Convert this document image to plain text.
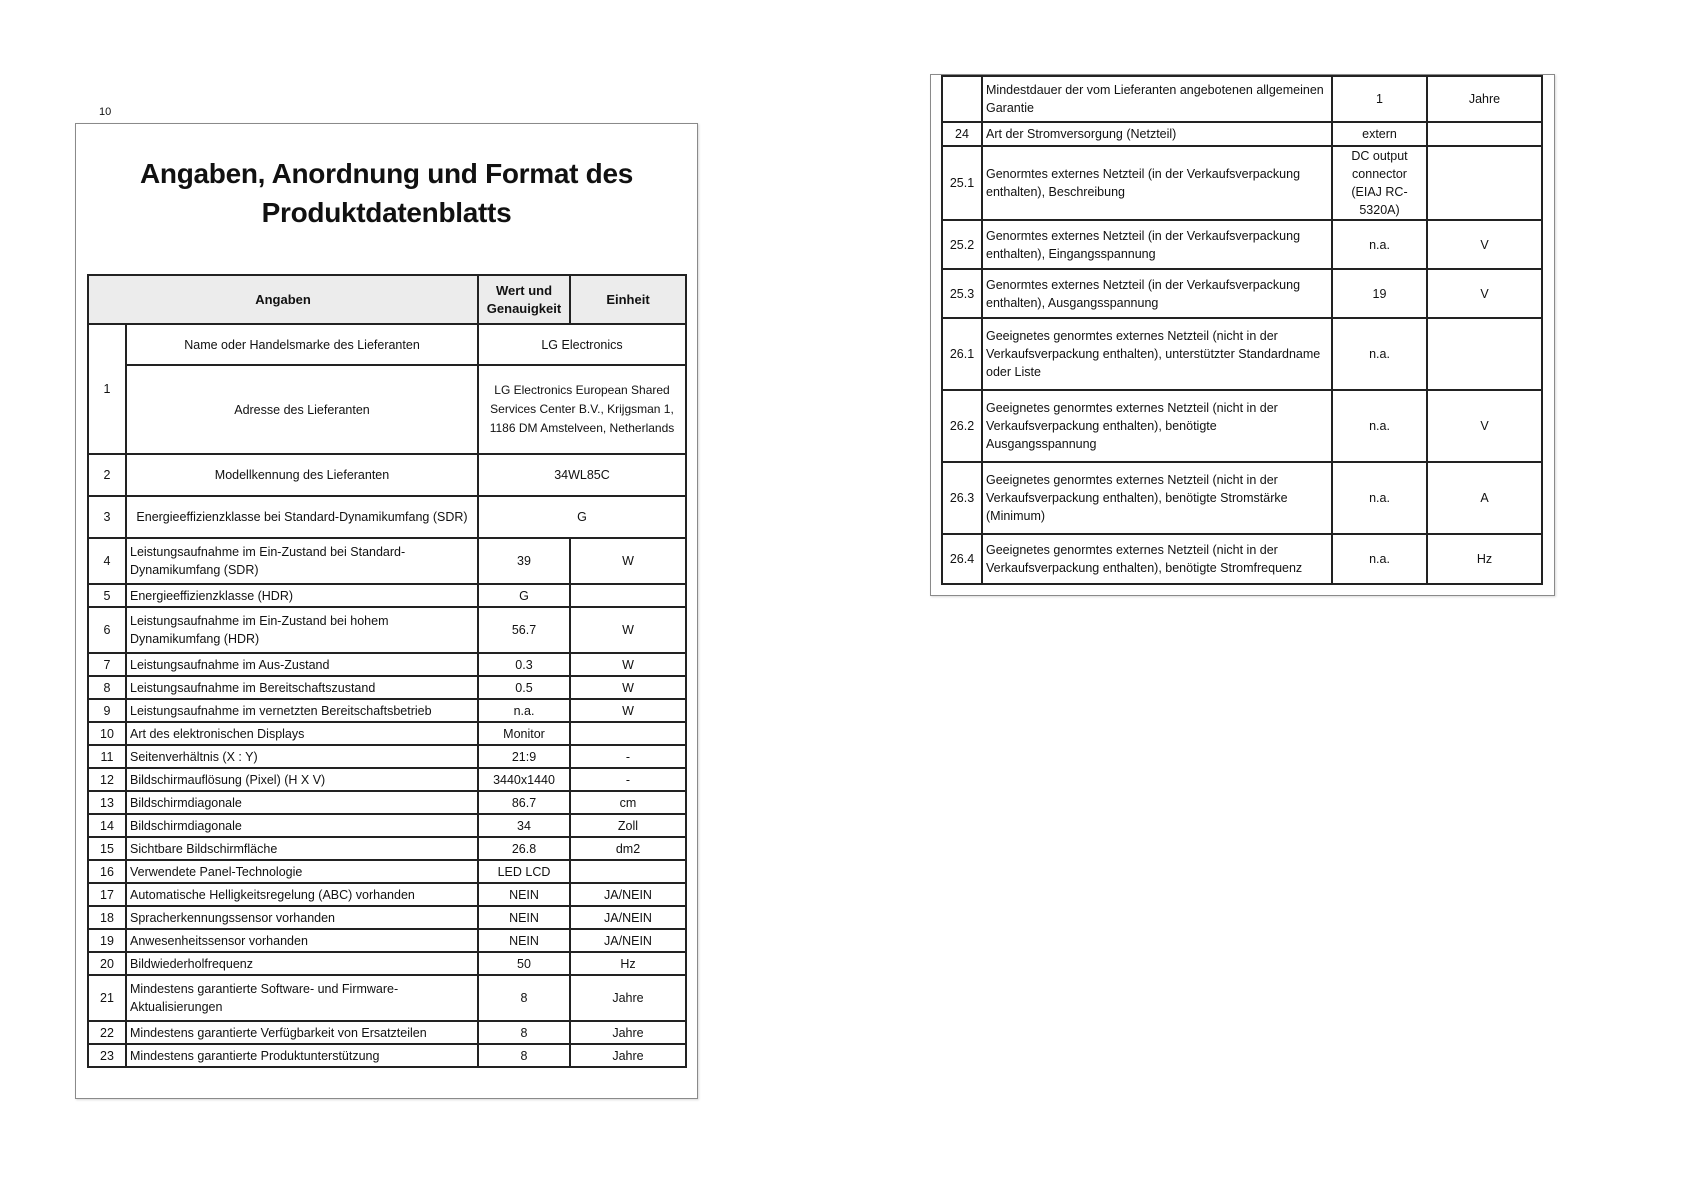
10
Angaben, Anordnung und Format des
Produktdatenblatts
Angaben		Wert und Genauigkeit	Einheit
1	Name oder Handelsmarke des Lieferanten	LG Electronics	
	Adresse des Lieferanten	LG Electronics European Shared Services Center B.V., Krijgsman 1, 1186 DM Amstelveen, Netherlands	
2	Modellkennung des Lieferanten	34WL85C	
3	Energieeffizienzklasse bei Standard-Dynamikumfang (SDR)	G	
4	Leistungsaufnahme im Ein-Zustand bei Standard-Dynamikumfang (SDR)	39	W
5	Energieeffizienzklasse (HDR)	G	
6	Leistungsaufnahme im Ein-Zustand bei hohem Dynamikumfang (HDR)	56.7	W
7	Leistungsaufnahme im Aus-Zustand	0.3	W
8	Leistungsaufnahme im Bereitschaftszustand	0.5	W
9	Leistungsaufnahme im vernetzten Bereitschaftsbetrieb	n.a.	W
10	Art des elektronischen Displays	Monitor	
11	Seitenverhältnis (X : Y)	21:9	-
12	Bildschirmauflösung (Pixel) (H X V)	3440x1440	-
13	Bildschirmdiagonale	86.7	cm
14	Bildschirmdiagonale	34	Zoll
15	Sichtbare Bildschirmfläche	26.8	dm2
16	Verwendete Panel-Technologie	LED LCD	
17	Automatische Helligkeitsregelung (ABC) vorhanden	NEIN	JA/NEIN
18	Spracherkennungssensor vorhanden	NEIN	JA/NEIN
19	Anwesenheitssensor vorhanden	NEIN	JA/NEIN
20	Bildwiederholfrequenz	50	Hz
21	Mindestens garantierte Software- und Firmware-Aktualisierungen	8	Jahre
22	Mindestens garantierte Verfügbarkeit von Ersatzteilen	8	Jahre
23	Mindestens garantierte Produktunterstützung	8	Jahre
	Mindestdauer der vom Lieferanten angebotenen allgemeinen Garantie	1	Jahre
24	Art der Stromversorgung (Netzteil)	extern	
25.1	Genormtes externes Netzteil (in der Verkaufsverpackung enthalten), Beschreibung	DC output connector (EIAJ RC-5320A)	
25.2	Genormtes externes Netzteil (in der Verkaufsverpackung enthalten), Eingangsspannung	n.a.	V
25.3	Genormtes externes Netzteil (in der Verkaufsverpackung enthalten), Ausgangsspannung	19	V
26.1	Geeignetes genormtes externes Netzteil (nicht in der Verkaufsverpackung enthalten), unterstützter Standardname oder Liste	n.a.	
26.2	Geeignetes genormtes externes Netzteil (nicht in der Verkaufsverpackung enthalten), benötigte Ausgangsspannung	n.a.	V
26.3	Geeignetes genormtes externes Netzteil (nicht in der Verkaufsverpackung enthalten), benötigte Stromstärke (Minimum)	n.a.	A
26.4	Geeignetes genormtes externes Netzteil (nicht in der Verkaufsverpackung enthalten), benötigte Stromfrequenz	n.a.	Hz
